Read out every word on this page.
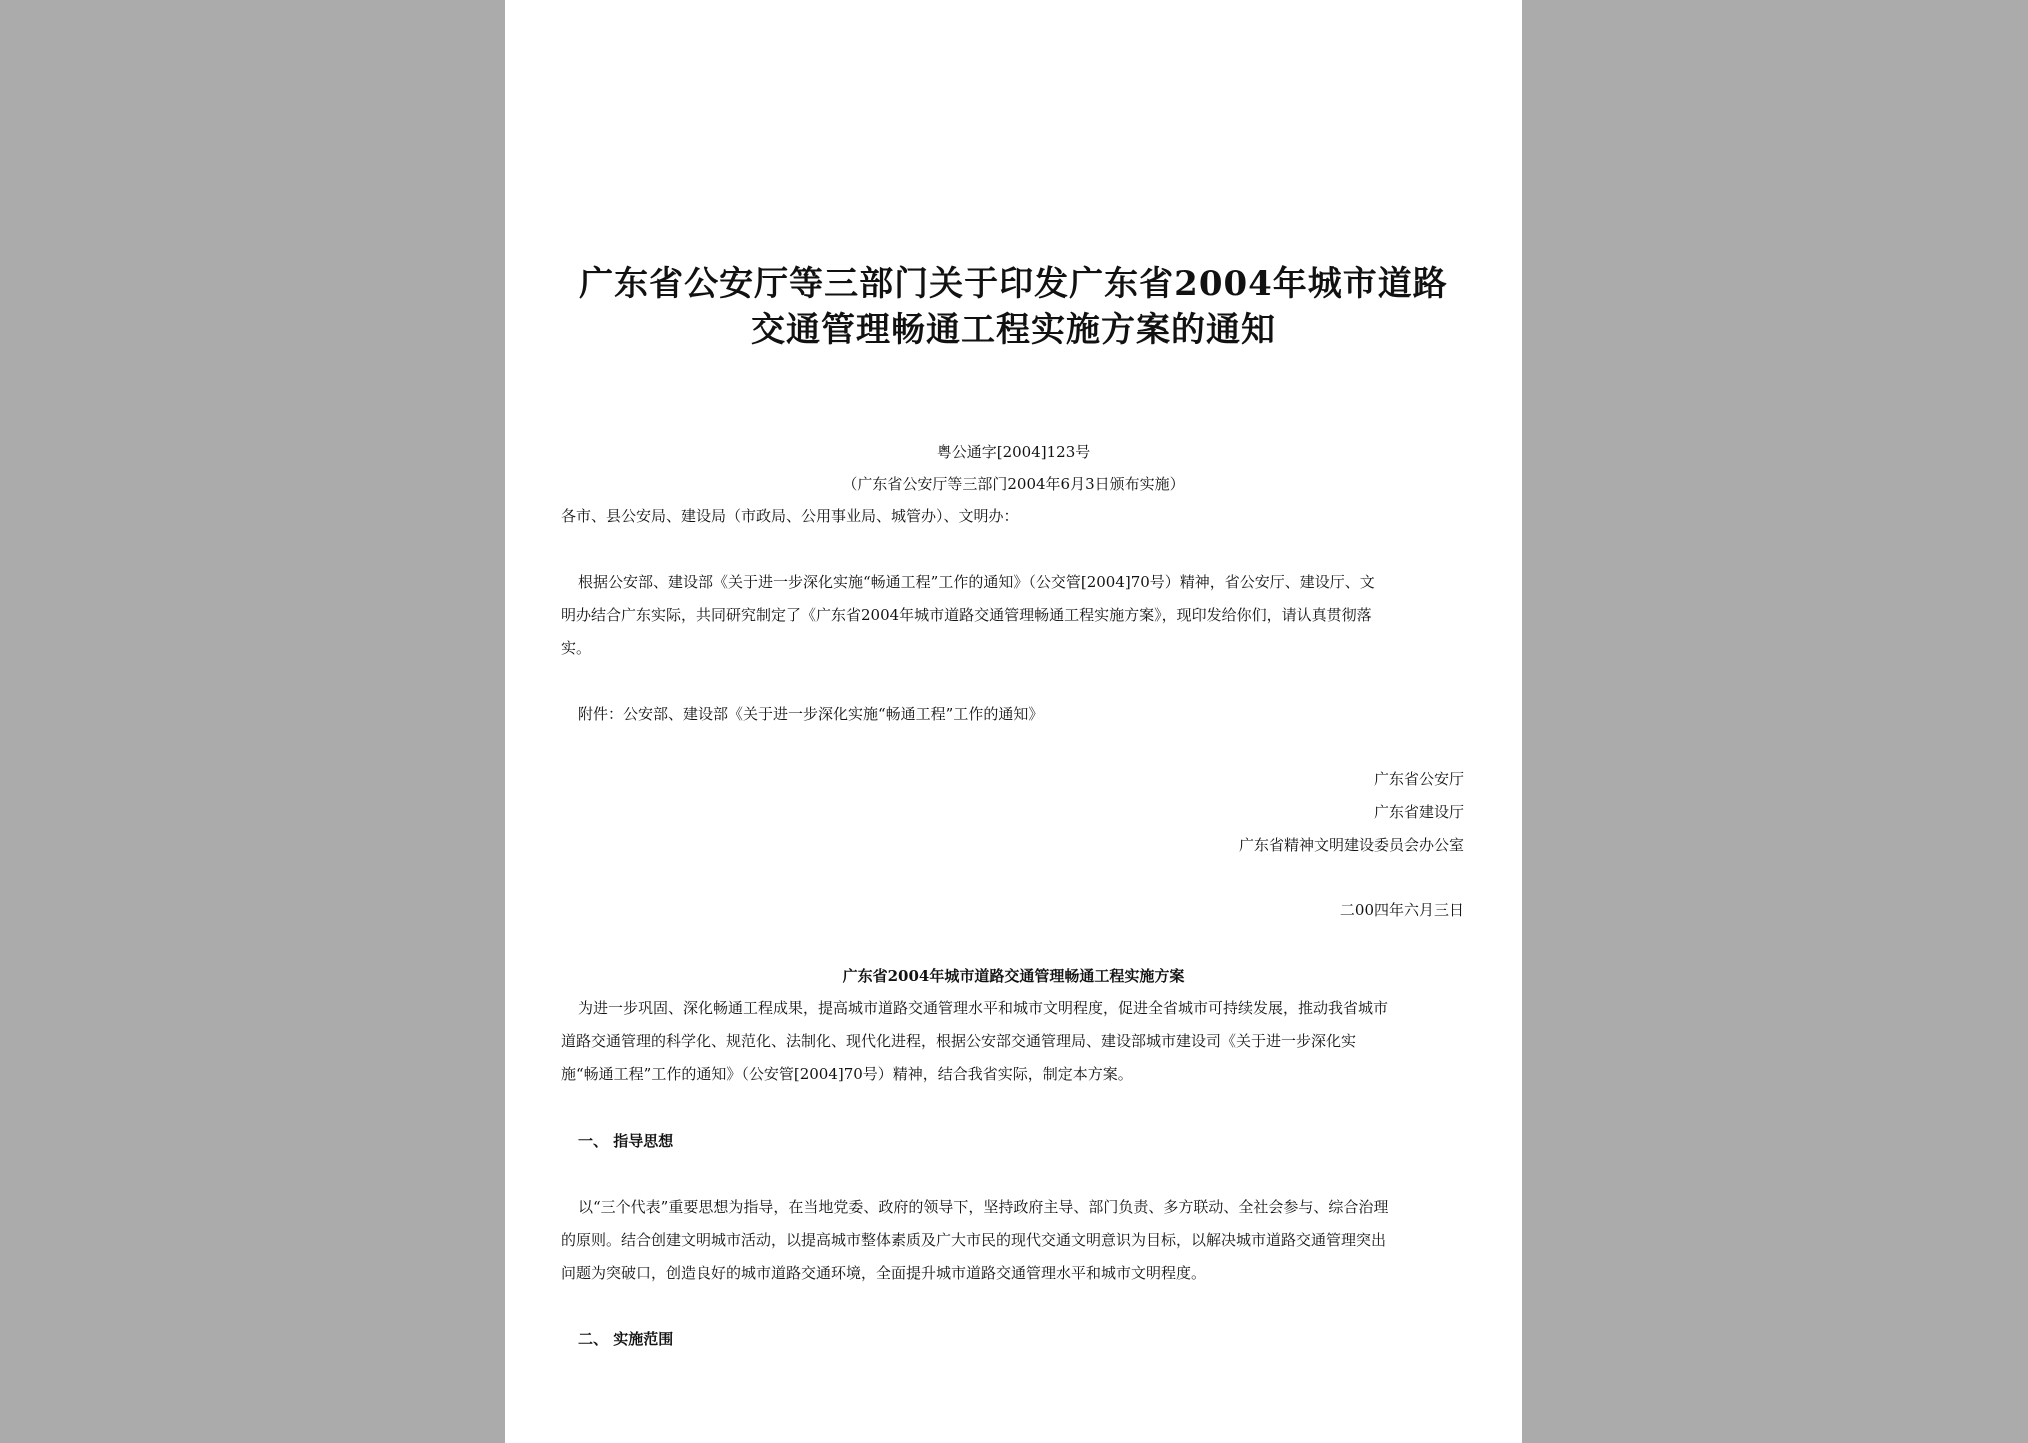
广东省公安厅等三部门关于印发广东省2004年城市道路
交通管理畅通工程实施方案的通知

粤公通字[2004]123号

（广东省公安厅等三部门2004年6月3日颁布实施）

各市、县公安局、建设局（市政局、公用事业局、城管办）、文明办：

根据公安部、建设部《关于进一步深化实施“畅通工程”工作的通知》（公交管[2004]70号）精神，省公安厅、建设厅、文

明办结合广东实际，共同研究制定了《广东省2004年城市道路交通管理畅通工程实施方案》，现印发给你们，请认真贯彻落

实。

附件：公安部、建设部《关于进一步深化实施“畅通工程”工作的通知》

广东省公安厅

广东省建设厅

广东省精神文明建设委员会办公室

二00四年六月三日

广东省2004年城市道路交通管理畅通工程实施方案

为进一步巩固、深化畅通工程成果，提高城市道路交通管理水平和城市文明程度，促进全省城市可持续发展，推动我省城市

道路交通管理的科学化、规范化、法制化、现代化进程，根据公安部交通管理局、建设部城市建设司《关于进一步深化实

施“畅通工程”工作的通知》（公安管[2004]70号）精神，结合我省实际，制定本方案。

一、 指导思想

以“三个代表”重要思想为指导，在当地党委、政府的领导下，坚持政府主导、部门负责、多方联动、全社会参与、综合治理

的原则。结合创建文明城市活动，以提高城市整体素质及广大市民的现代交通文明意识为目标，以解决城市道路交通管理突出

问题为突破口，创造良好的城市道路交通环境，全面提升城市道路交通管理水平和城市文明程度。

二、 实施范围
